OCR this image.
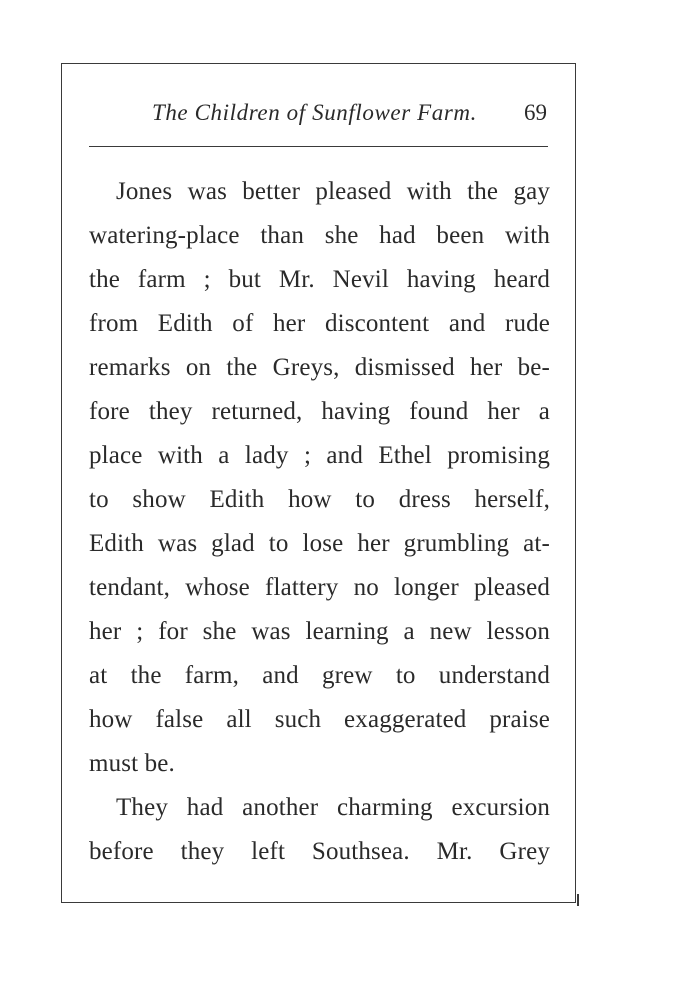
The Children of Sunflower Farm. 69
Jones was better pleased with the gay
watering-place than she had been with
the farm ; but Mr. Nevil having heard
from Edith of her discontent and rude
remarks on the Greys, dismissed her be-
fore they returned, having found her a
place with a lady ; and Ethel promising
to show Edith how to dress herself,
Edith was glad to lose her grumbling at-
tendant, whose flattery no longer pleased
her ; for she was learning a new lesson
at the farm, and grew to understand
how false all such exaggerated praise
must be.
They had another charming excursion
before they left Southsea. Mr. Grey
